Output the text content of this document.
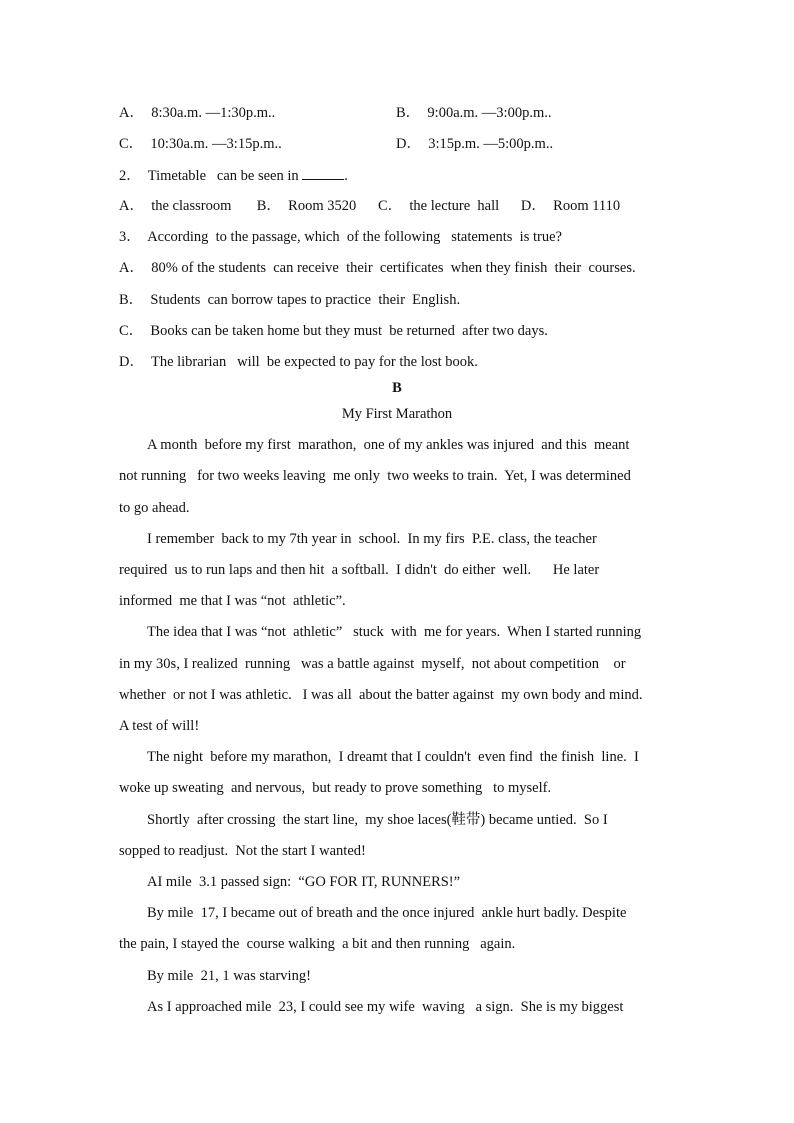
A．  8:30a.m. —1:30p.m..	B．  9:00a.m. —3:00p.m..
C．  10:30a.m. —3:15p.m..	D．  3:15p.m. —5:00p.m..
2．  Timetable   can be seen in	.
A．  the classroom       B．  Room 3520      C．  the lecture  hall      D．  Room 1110
3．  According  to the passage, which  of the following   statements  is true?
A．  80% of the students  can receive  their  certificates  when they finish  their  courses.
B．  Students  can borrow tapes to practice  their  English.
C．  Books can be taken home but they must  be returned  after two days.
D．  The librarian   will  be expected to pay for the lost book.
B
My First Marathon
A month  before my first  marathon,  one of my ankles was injured  and this  meant
not running   for two weeks leaving  me only  two weeks to train.  Yet, I was determined
to go ahead.
I remember  back to my 7th year in  school.  In my firs  P.E. class, the teacher
required  us to run laps and then hit  a softball.  I didn't  do either  well.      He later
informed  me that I was “not  athletic”.
The idea that I was “not  athletic”   stuck  with  me for years.  When I started running
in my 30s, I realized  running   was a battle against  myself,  not about competition    or
whether  or not I was athletic.   I was all  about the batter against  my own body and mind.
A test of will!
The night  before my marathon,  I dreamt that I couldn't  even find  the finish  line.  I
woke up sweating  and nervous,  but ready to prove something   to myself.
Shortly  after crossing  the start line,  my shoe laces(鞋带) became untied.  So I
sopped to readjust.  Not the start I wanted!
AI mile  3.1 passed sign:  “GO FOR IT, RUNNERS!”
By mile  17, I became out of breath and the once injured  ankle hurt badly. Despite
the pain, I stayed the  course walking  a bit and then running   again.
By mile  21, 1 was starving!
As I approached mile  23, I could see my wife  waving   a sign.  She is my biggest
